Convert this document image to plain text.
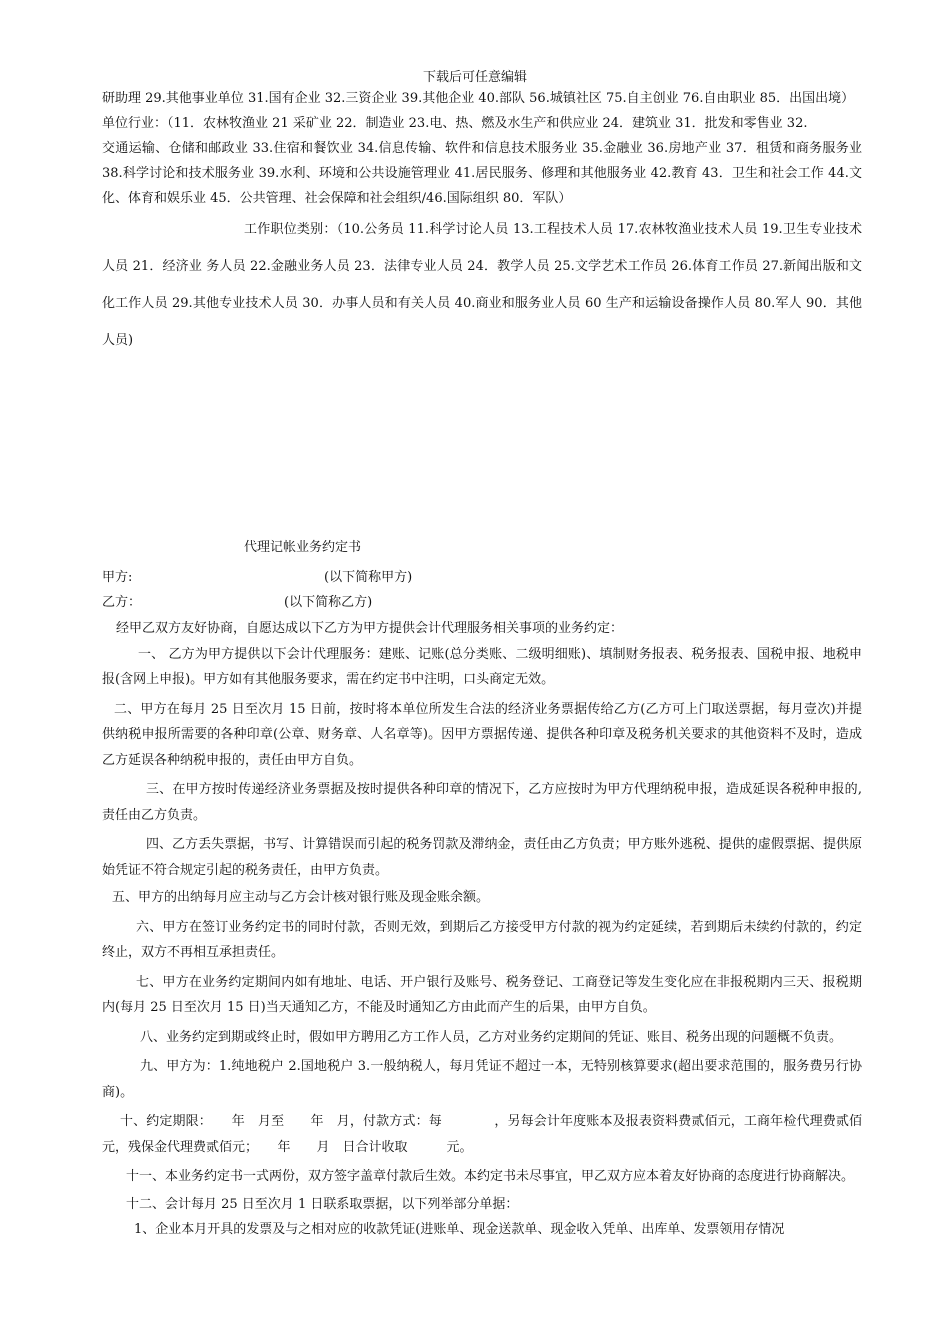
下载后可任意编辑

研助理 29.其他事业单位 31.国有企业 32.三资企业 39.其他企业 40.部队 56.城镇社区 75.自主创业 76.自由职业 85．出国出境）

单位行业：（11．农林牧渔业 21 采矿业 22．制造业 23.电、热、燃及水生产和供应业 24．建筑业 31．批发和零售业 32.

交通运输、仓储和邮政业 33.住宿和餐饮业 34.信息传输、软件和信息技术服务业 35.金融业 36.房地产业 37．租赁和商务服务业 38.科学讨论和技术服务业 39.水利、环境和公共设施管理业 41.居民服务、修理和其他服务业 42.教育 43．卫生和社会工作 44.文化、体育和娱乐业 45．公共管理、社会保障和社会组织/46.国际组织 80．军队）

工作职位类别：（10.公务员 11.科学讨论人员 13.工程技术人员 17.农林牧渔业技术人员 19.卫生专业技术人员 21．经济业 务人员 22.金融业务人员 23．法律专业人员 24．教学人员 25.文学艺术工作员 26.体育工作员 27.新闻出版和文化工作人员 29.其他专业技术人员 30．办事人员和有关人员 40.商业和服务业人员 60 生产和运输设备操作人员 80.军人 90．其他人员)

代理记帐业务约定书
甲方:	(以下简称甲方)
乙方：	(以下简称乙方)

经甲乙双方友好协商，自愿达成以下乙方为甲方提供会计代理服务相关事项的业务约定：

一、 乙方为甲方提供以下会计代理服务：建账、记账(总分类账、二级明细账)、填制财务报表、税务报表、国税申报、地税申报(含网上申报)。甲方如有其他服务要求，需在约定书中注明，口头商定无效。

二、甲方在每月 25 日至次月 15 日前，按时将本单位所发生合法的经济业务票据传给乙方(乙方可上门取送票据，每月壹次)并提供纳税申报所需要的各种印章(公章、财务章、人名章等)。因甲方票据传递、提供各种印章及税务机关要求的其他资料不及时，造成乙方延误各种纳税申报的，责任由甲方自负。

三、在甲方按时传递经济业务票据及按时提供各种印章的情况下，乙方应按时为甲方代理纳税申报，造成延误各税种申报的, 责任由乙方负责。

四、乙方丢失票据，书写、计算错误而引起的税务罚款及滞纳金，责任由乙方负责；甲方账外逃税、提供的虚假票据、提供原始凭证不符合规定引起的税务责任，由甲方负责。

五、甲方的出纳每月应主动与乙方会计核对银行账及现金账余额。

六、甲方在签订业务约定书的同时付款，否则无效，到期后乙方接受甲方付款的视为约定延续，若到期后未续约付款的，约定终止，双方不再相互承担责任。

七、甲方在业务约定期间内如有地址、电话、开户银行及账号、税务登记、工商登记等发生变化应在非报税期内三天、报税期内(每月 25 日至次月 15 日)当天通知乙方，不能及时通知乙方由此而产生的后果，由甲方自负。

八、业务约定到期或终止时，假如甲方聘用乙方工作人员，乙方对业务约定期间的凭证、账目、税务出现的问题概不负责。

九、甲方为：1.纯地税户 2.国地税户 3.一般纳税人，每月凭证不超过一本，无特别核算要求(超出要求范围的，服务费另行协商)。

十、约定期限：　　年　月至　　年　月，付款方式：每　　　　，另每会计年度账本及报表资料费贰佰元，工商年检代理费贰佰元，残保金代理费贰佰元；　　年　　月　日合计收取　　　元。

十一、本业务约定书一式两份，双方签字盖章付款后生效。本约定书未尽事宜，甲乙双方应本着友好协商的态度进行协商解决。

十二、会计每月 25 日至次月 1 日联系取票据，以下列举部分单据：

1、企业本月开具的发票及与之相对应的收款凭证(进账单、现金送款单、现金收入凭单、出库单、发票领用存情况
